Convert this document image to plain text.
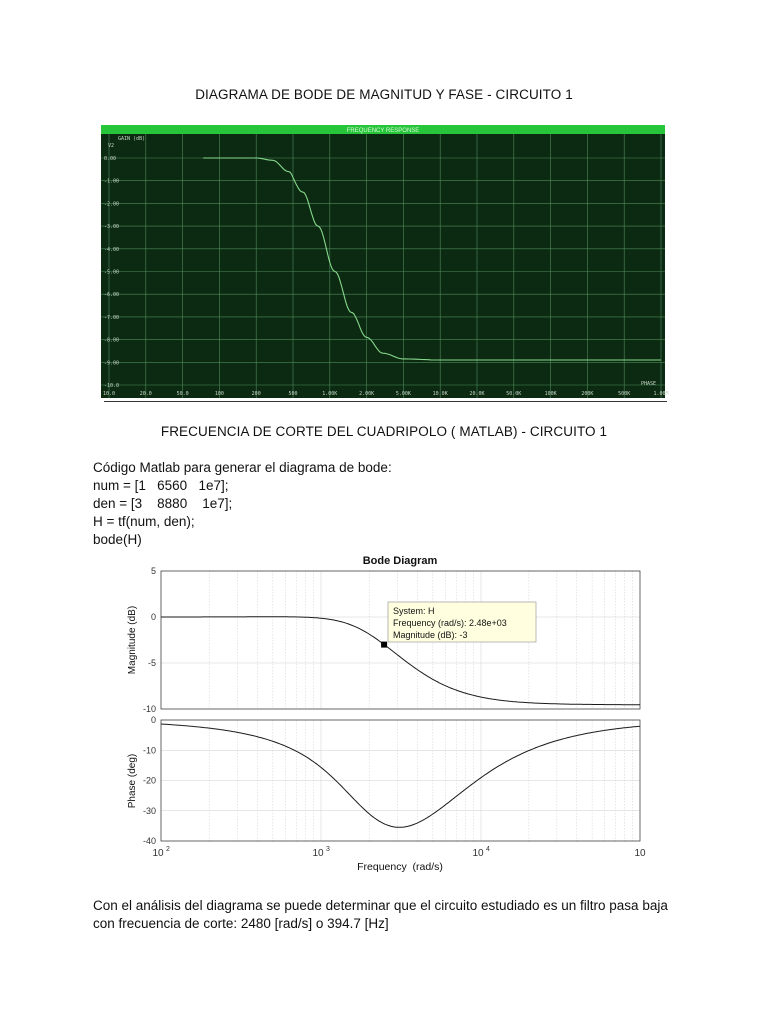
DIAGRAMA DE BODE DE MAGNITUD Y FASE - CIRCUITO 1
FREQUENCY RESPONSE
0.00
-1.00
-2.00
-3.00
-4.00
-5.00
-6.00
-7.00
-8.00
-9.00
-10.0
10.0	20.0	50.0	100	200	500	1.00K	2.00K	5.00K	10.0K	20.0K	50.0K	100K	200K	500K	1.00M
GAIN (dB)
V2
PHASE
FRECUENCIA DE CORTE DEL CUADRIPOLO ( MATLAB) - CIRCUITO 1
Código Matlab para generar el diagrama de bode:
num = [1   6560   1e7];
den = [3    8880    1e7];
H = tf(num, den);
bode(H)
Bode Diagram
5
0
-5
-10
Magnitude (dB)	System: H
Frequency (rad/s): 2.48e+03
Magnitude (dB): -3
0
-10
-20
-30
-40
Phase (deg)
10 2	10 3	10 4	10
Frequency  (rad/s)
Con el análisis del diagrama se puede determinar que el circuito estudiado es un filtro pasa baja con frecuencia de corte: 2480 [rad/s] o 394.7 [Hz]
